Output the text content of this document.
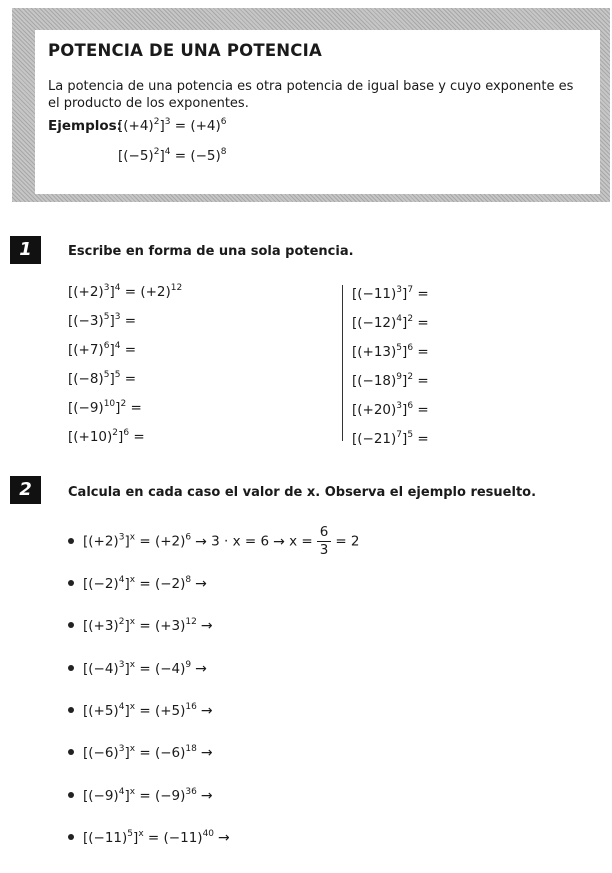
POTENCIA DE UNA POTENCIA

La potencia de una potencia es otra potencia de igual base y cuyo exponente es el producto de los exponentes.

$Ejemplos:[(+4)^2]^3 = (+4)^6$
$[(-5)^2]^4 = (-5)^8$
1	Escribe en forma de una sola potencia.
$[(+2)^3]^4 = (+2)^{12}$
$[(-3)^5]^3$ =
$[(+7)^6]^4$ =
$[(-8)^5]^5$ =
$[(-9)^{10}]^2$ =
$[(+10)^2]^6$ =
$[(-11)^3]^7$ =
$[(-12)^4]^2$ =
$[(+13)^5]^6$ =
$[(-18)^9]^2$ =
$[(+20)^3]^6$ =
$[(-21)^7]^5$ =
2	Calcula en cada caso el valor de x. Observa el ejemplo resuelto.
$[(+2)^3]^x = (+2)^6 \to 3 \cdot x = 6 \to x = \frac{6}{3} = 2$
$[(-2)^4]^x = (-2)^8$ →
$[(+3)^2]^x = (+3)^{12}$ →
$[(-4)^3]^x = (-4)^9$ →
$[(+5)^4]^x = (+5)^{16}$ →
$[(-6)^3]^x = (-6)^{18}$ →
$[(-9)^4]^x = (-9)^{36}$ →
$[(-11)^5]^x = (-11)^{40}$ →
